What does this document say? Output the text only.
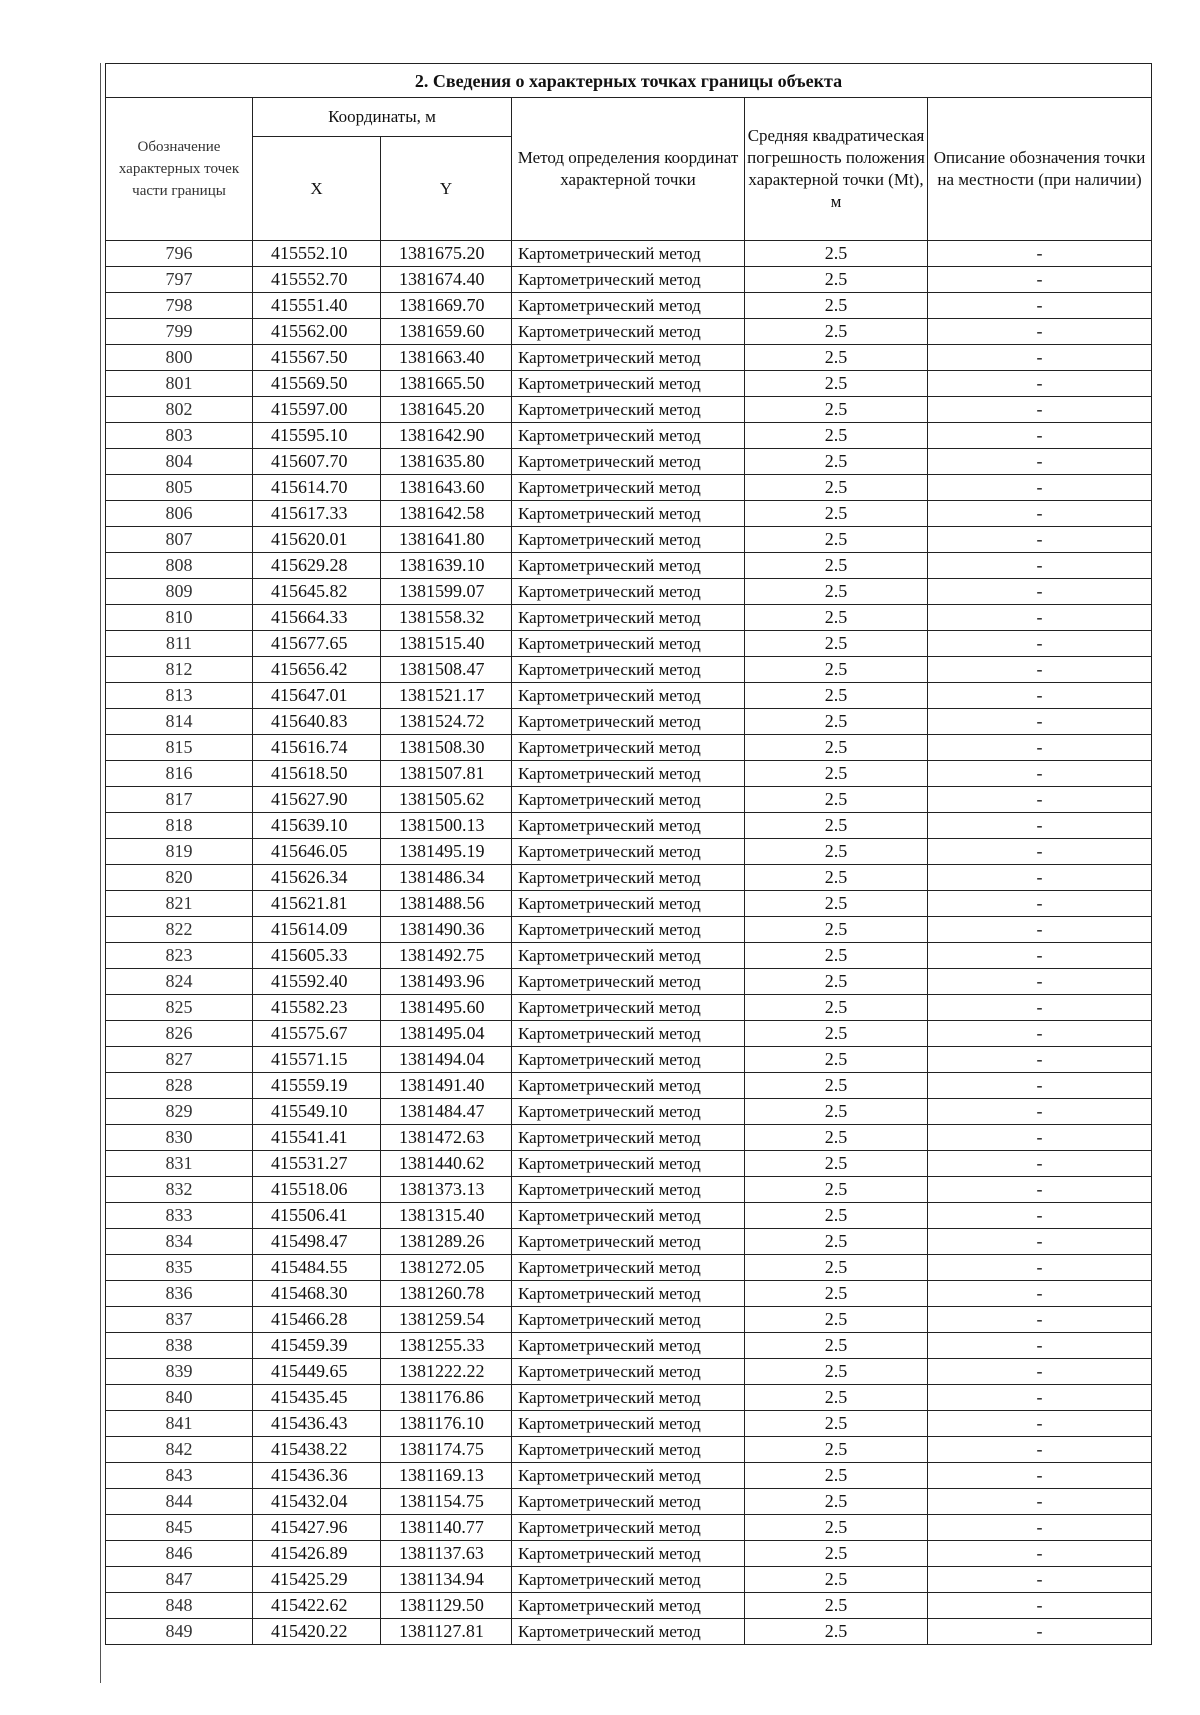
2. Сведения о характерных точках границы объекта					
Обозначение характерных точек части границы	Координаты, м		Метод определения координат характерной точки	Средняя квадратическая погрешность положения характерной точки (Mt), м	Описание обозначения точки на местности (при наличии)
	X	Y			
796	415552.10	1381675.20	Картометрический метод	2.5	-
797	415552.70	1381674.40	Картометрический метод	2.5	-
798	415551.40	1381669.70	Картометрический метод	2.5	-
799	415562.00	1381659.60	Картометрический метод	2.5	-
800	415567.50	1381663.40	Картометрический метод	2.5	-
801	415569.50	1381665.50	Картометрический метод	2.5	-
802	415597.00	1381645.20	Картометрический метод	2.5	-
803	415595.10	1381642.90	Картометрический метод	2.5	-
804	415607.70	1381635.80	Картометрический метод	2.5	-
805	415614.70	1381643.60	Картометрический метод	2.5	-
806	415617.33	1381642.58	Картометрический метод	2.5	-
807	415620.01	1381641.80	Картометрический метод	2.5	-
808	415629.28	1381639.10	Картометрический метод	2.5	-
809	415645.82	1381599.07	Картометрический метод	2.5	-
810	415664.33	1381558.32	Картометрический метод	2.5	-
811	415677.65	1381515.40	Картометрический метод	2.5	-
812	415656.42	1381508.47	Картометрический метод	2.5	-
813	415647.01	1381521.17	Картометрический метод	2.5	-
814	415640.83	1381524.72	Картометрический метод	2.5	-
815	415616.74	1381508.30	Картометрический метод	2.5	-
816	415618.50	1381507.81	Картометрический метод	2.5	-
817	415627.90	1381505.62	Картометрический метод	2.5	-
818	415639.10	1381500.13	Картометрический метод	2.5	-
819	415646.05	1381495.19	Картометрический метод	2.5	-
820	415626.34	1381486.34	Картометрический метод	2.5	-
821	415621.81	1381488.56	Картометрический метод	2.5	-
822	415614.09	1381490.36	Картометрический метод	2.5	-
823	415605.33	1381492.75	Картометрический метод	2.5	-
824	415592.40	1381493.96	Картометрический метод	2.5	-
825	415582.23	1381495.60	Картометрический метод	2.5	-
826	415575.67	1381495.04	Картометрический метод	2.5	-
827	415571.15	1381494.04	Картометрический метод	2.5	-
828	415559.19	1381491.40	Картометрический метод	2.5	-
829	415549.10	1381484.47	Картометрический метод	2.5	-
830	415541.41	1381472.63	Картометрический метод	2.5	-
831	415531.27	1381440.62	Картометрический метод	2.5	-
832	415518.06	1381373.13	Картометрический метод	2.5	-
833	415506.41	1381315.40	Картометрический метод	2.5	-
834	415498.47	1381289.26	Картометрический метод	2.5	-
835	415484.55	1381272.05	Картометрический метод	2.5	-
836	415468.30	1381260.78	Картометрический метод	2.5	-
837	415466.28	1381259.54	Картометрический метод	2.5	-
838	415459.39	1381255.33	Картометрический метод	2.5	-
839	415449.65	1381222.22	Картометрический метод	2.5	-
840	415435.45	1381176.86	Картометрический метод	2.5	-
841	415436.43	1381176.10	Картометрический метод	2.5	-
842	415438.22	1381174.75	Картометрический метод	2.5	-
843	415436.36	1381169.13	Картометрический метод	2.5	-
844	415432.04	1381154.75	Картометрический метод	2.5	-
845	415427.96	1381140.77	Картометрический метод	2.5	-
846	415426.89	1381137.63	Картометрический метод	2.5	-
847	415425.29	1381134.94	Картометрический метод	2.5	-
848	415422.62	1381129.50	Картометрический метод	2.5	-
849	415420.22	1381127.81	Картометрический метод	2.5	-
